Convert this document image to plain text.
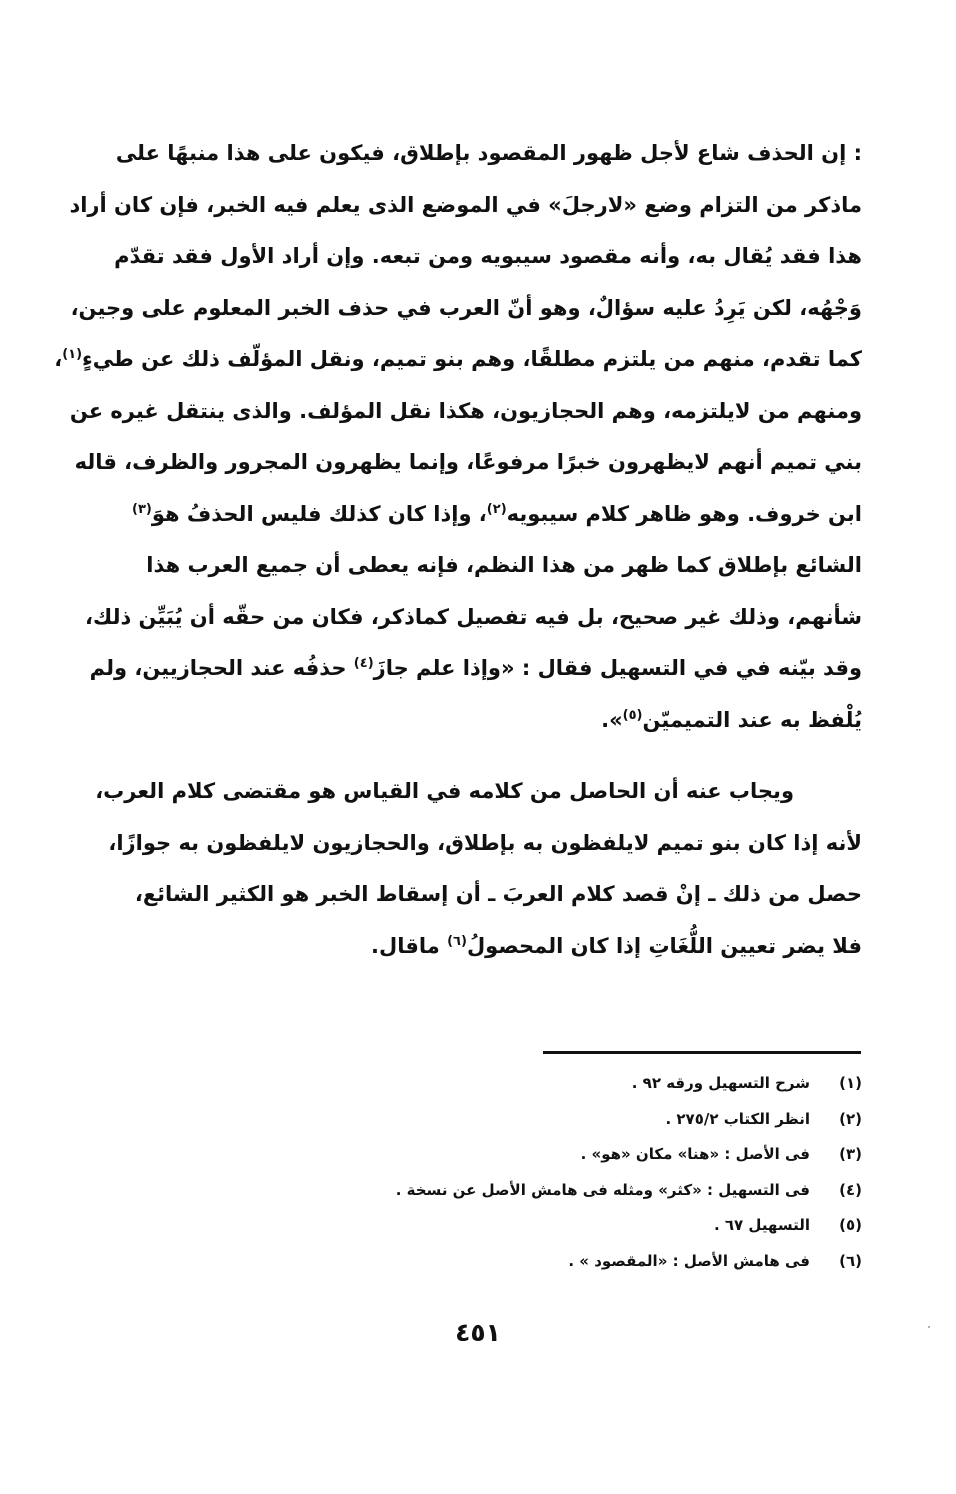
: إن الحذف شاع لأجل ظهور المقصود بإطلاق، فيكون على هذا منبهًا على
ماذكر من التزام وضع «لارجلَ» في الموضع الذى يعلم فيه الخبر، فإن كان أراد
هذا فقد يُقال به، وأنه مقصود سيبويه ومن تبعه. وإن أراد الأول فقد تقدّم
وَجْهُه، لكن يَرِدُ عليه سؤالٌ، وهو أنّ العرب في حذف الخبر المعلوم على وجين،
كما تقدم، منهم من يلتزم مطلقًا، وهم بنو تميم، ونقل المؤلّف ذلك عن طيءٍ$^{(١)}$،
ومنهم من لايلتزمه، وهم الحجازيون، هكذا نقل المؤلف. والذى ينتقل غيره عن
بني تميم أنهم لايظهرون خبرًا مرفوعًا، وإنما يظهرون المجرور والظرف، قاله
ابن خروف. وهو ظاهر كلام سيبويه$^{(٢)}$، وإذا كان كذلك فليس الحذفُ هوَ$^{(٣)}$
الشائع بإطلاق كما ظهر من هذا النظم، فإنه يعطى أن جميع العرب هذا
شأنهم، وذلك غير صحيح، بل فيه تفصيل كماذكر، فكان من حقّه أن يُبَيِّن ذلك،
وقد بيّنه في في التسهيل فقال : «وإذا علم جازَ$^{(٤)}$ حذفُه عند الحجازيين، ولم
يُلْفظ به عند التميميّن$^{(٥)}$».
ويجاب عنه أن الحاصل من كلامه في القياس هو مقتضى كلام العرب،
لأنه إذا كان بنو تميم لايلفظون به بإطلاق، والحجازيون لايلفظون به جوازًا،
حصل من ذلك ـ إنْ قصد كلام العربَ ـ أن إسقاط الخبر هو الكثير الشائع،
فلا يضر تعيين اللُّغَاتِ إذا كان المحصولُ$^{(٦)}$ ماقال.
(١)
شرح التسهيل ورقه ٩٢ .
(٢)
انظر الكتاب ٢٧٥/٢ .
(٣)
فى الأصل : «هنا» مكان «هو» .
(٤)
فى التسهيل : «كثر» ومثله فى هامش الأصل عن نسخة .
(٥)
التسهيل ٦٧ .
(٦)
فى هامش الأصل : «المقصود » .
٤٥١
